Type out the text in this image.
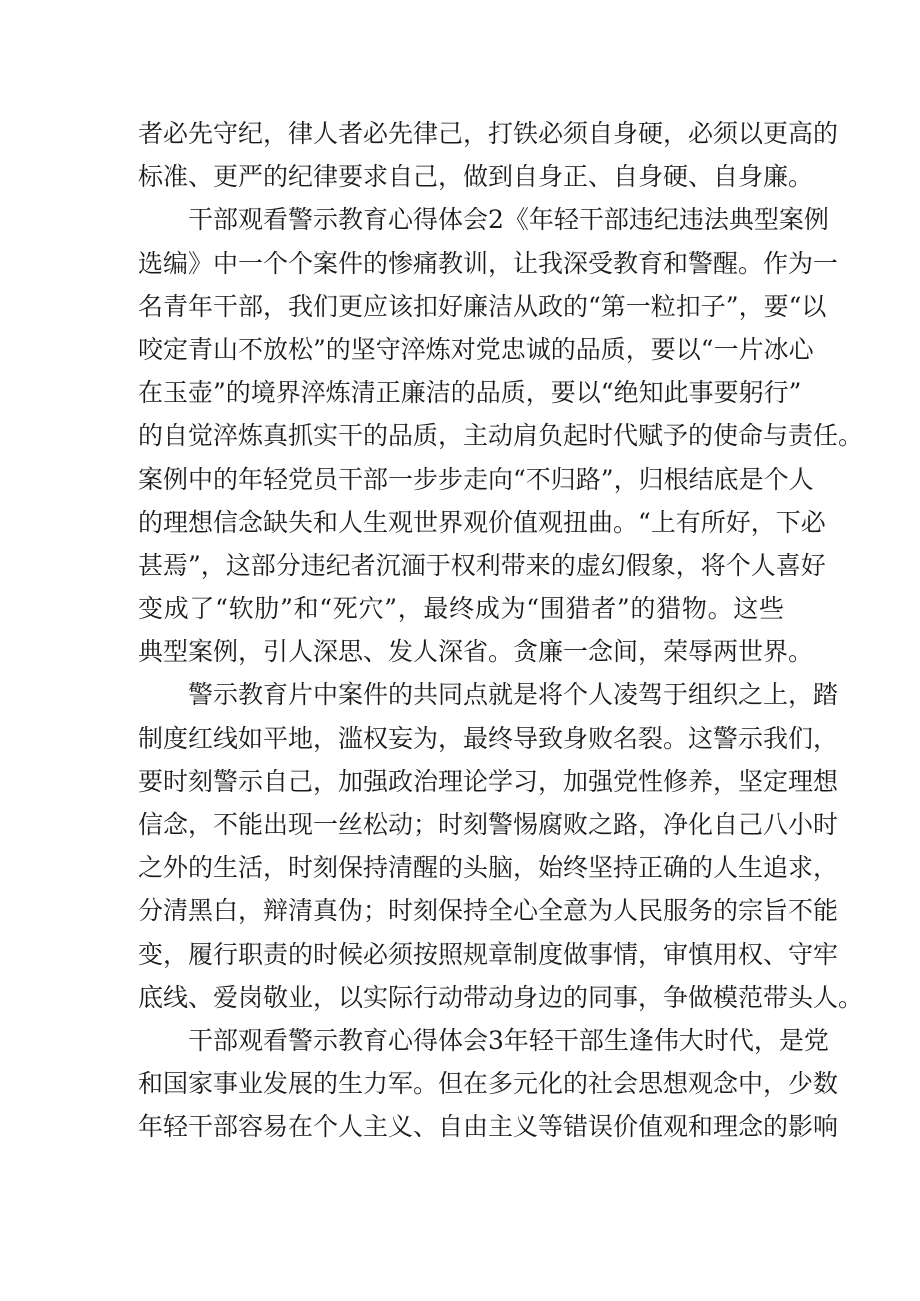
者必先守纪，律人者必先律己，打铁必须自身硬，必须以更高的
标准、更严的纪律要求自己，做到自身正、自身硬、自身廉。
干部观看警示教育心得体会2《年轻干部违纪违法典型案例
选编》中一个个案件的惨痛教训，让我深受教育和警醒。作为一
名青年干部，我们更应该扣好廉洁从政的“第一粒扣子”，要“以
咬定青山不放松”的坚守淬炼对党忠诚的品质，要以“一片冰心
在玉壶”的境界淬炼清正廉洁的品质，要以“绝知此事要躬行”
的自觉淬炼真抓实干的品质，主动肩负起时代赋予的使命与责任。
案例中的年轻党员干部一步步走向“不归路”，归根结底是个人
的理想信念缺失和人生观世界观价值观扭曲。“上有所好，下必
甚焉”，这部分违纪者沉湎于权利带来的虚幻假象，将个人喜好
变成了“软肋”和“死穴”，最终成为“围猎者”的猎物。这些
典型案例，引人深思、发人深省。贪廉一念间，荣辱两世界。
警示教育片中案件的共同点就是将个人凌驾于组织之上，踏
制度红线如平地，滥权妄为，最终导致身败名裂。这警示我们，
要时刻警示自己，加强政治理论学习，加强党性修养，坚定理想
信念，不能出现一丝松动；时刻警惕腐败之路，净化自己八小时
之外的生活，时刻保持清醒的头脑，始终坚持正确的人生追求，
分清黑白，辩清真伪；时刻保持全心全意为人民服务的宗旨不能
变，履行职责的时候必须按照规章制度做事情，审慎用权、守牢
底线、爱岗敬业，以实际行动带动身边的同事，争做模范带头人。
干部观看警示教育心得体会3年轻干部生逢伟大时代，是党
和国家事业发展的生力军。但在多元化的社会思想观念中，少数
年轻干部容易在个人主义、自由主义等错误价值观和理念的影响
